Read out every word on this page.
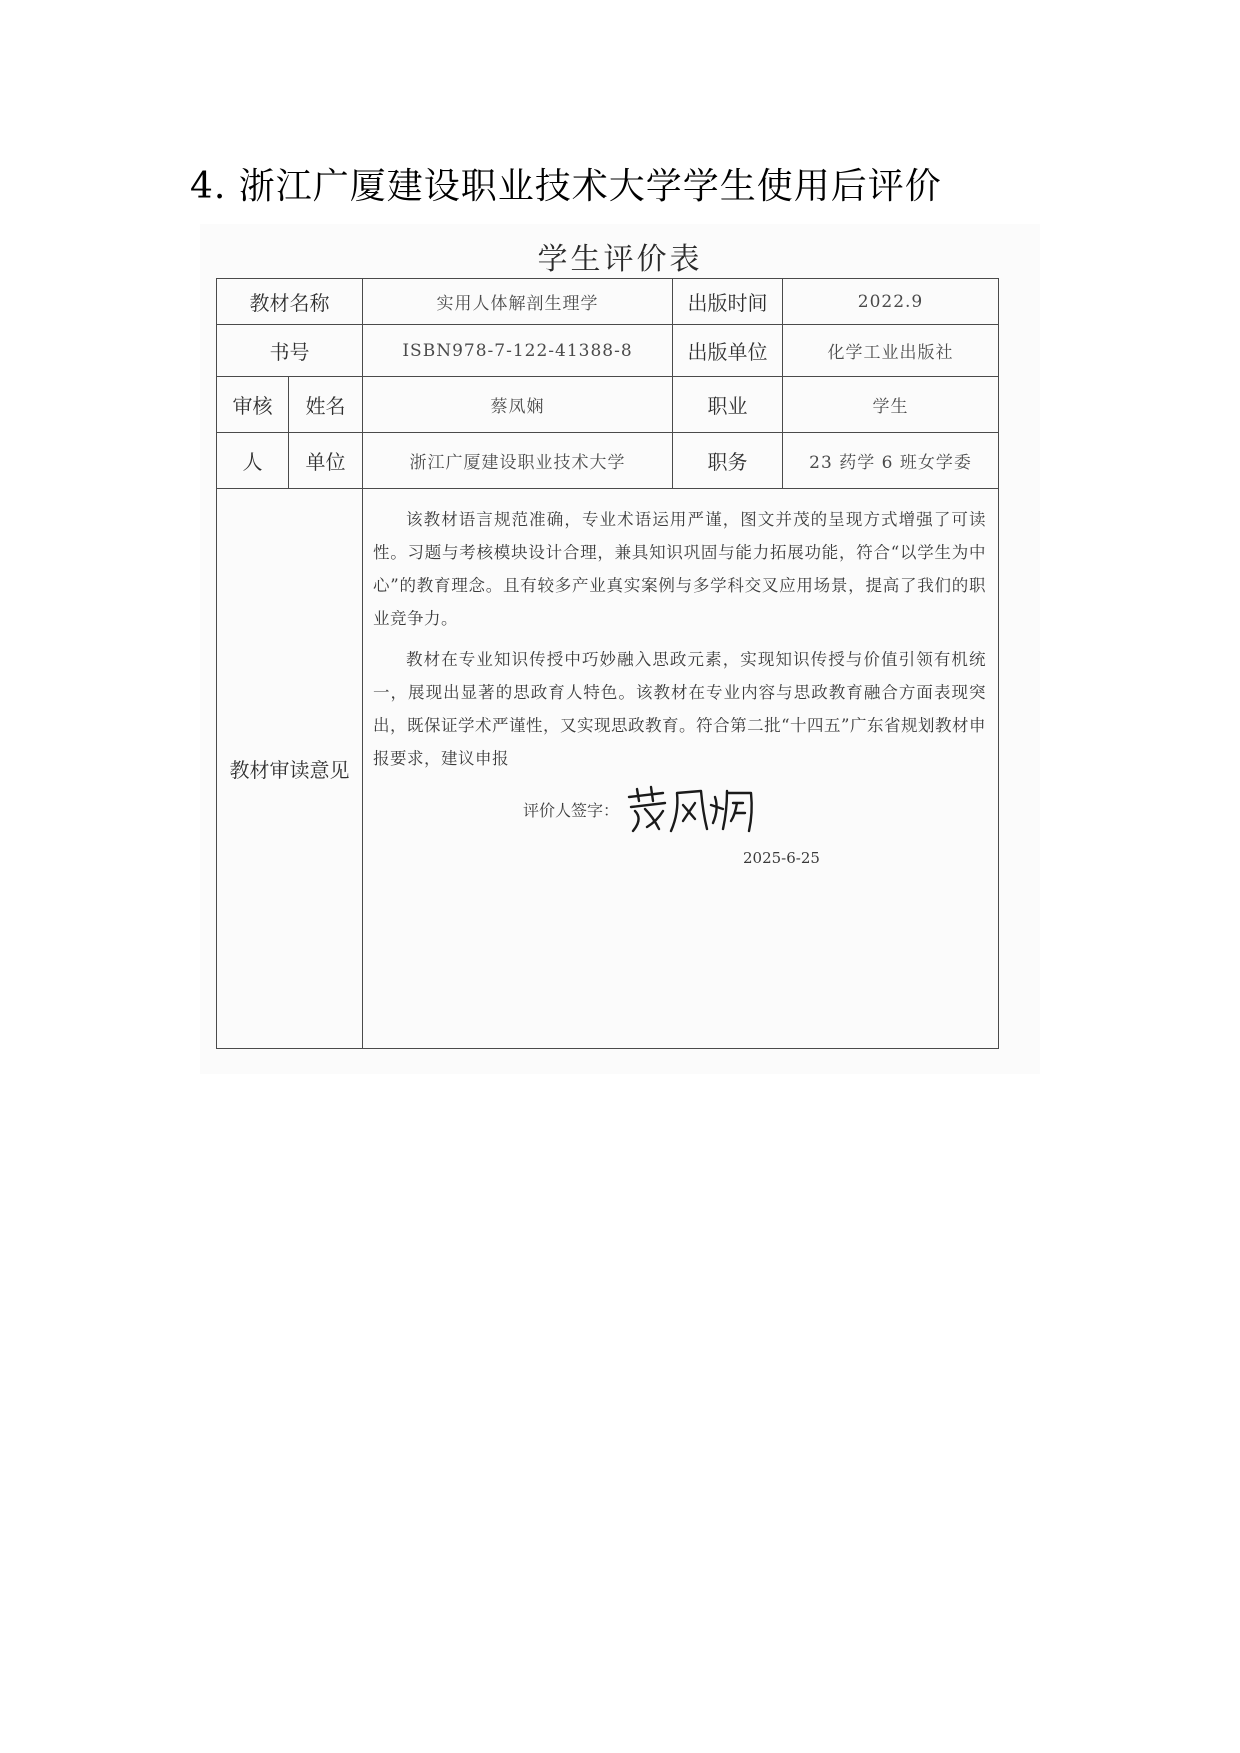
4. 浙江广厦建设职业技术大学学生使用后评价
学生评价表
教材名称		实用人体解剖生理学	出版时间	2022.9
书号		ISBN978-7-122-41388-8	出版单位	化学工业出版社
审核	姓名	蔡凤娴	职业	学生
人	单位	浙江广厦建设职业技术大学	职务	23 药学 6 班女学委
教材审读意见		该教材语言规范准确，专业术语运用严谨，图文并茂的呈现方式增强了可读性。习题与考核模块设计合理，兼具知识巩固与能力拓展功能，符合“以学生为中心”的教育理念。且有较多产业真实案例与多学科交叉应用场景，提高了我们的职业竞争力。

教材在专业知识传授中巧妙融入思政元素，实现知识传授与价值引领有机统一，展现出显著的思政育人特色。该教材在专业内容与思政教育融合方面表现突出，既保证学术严谨性，又实现思政教育。符合第二批“十四五”广东省规划教材申报要求，建议申报

评价人签字：
2025-6-25		
